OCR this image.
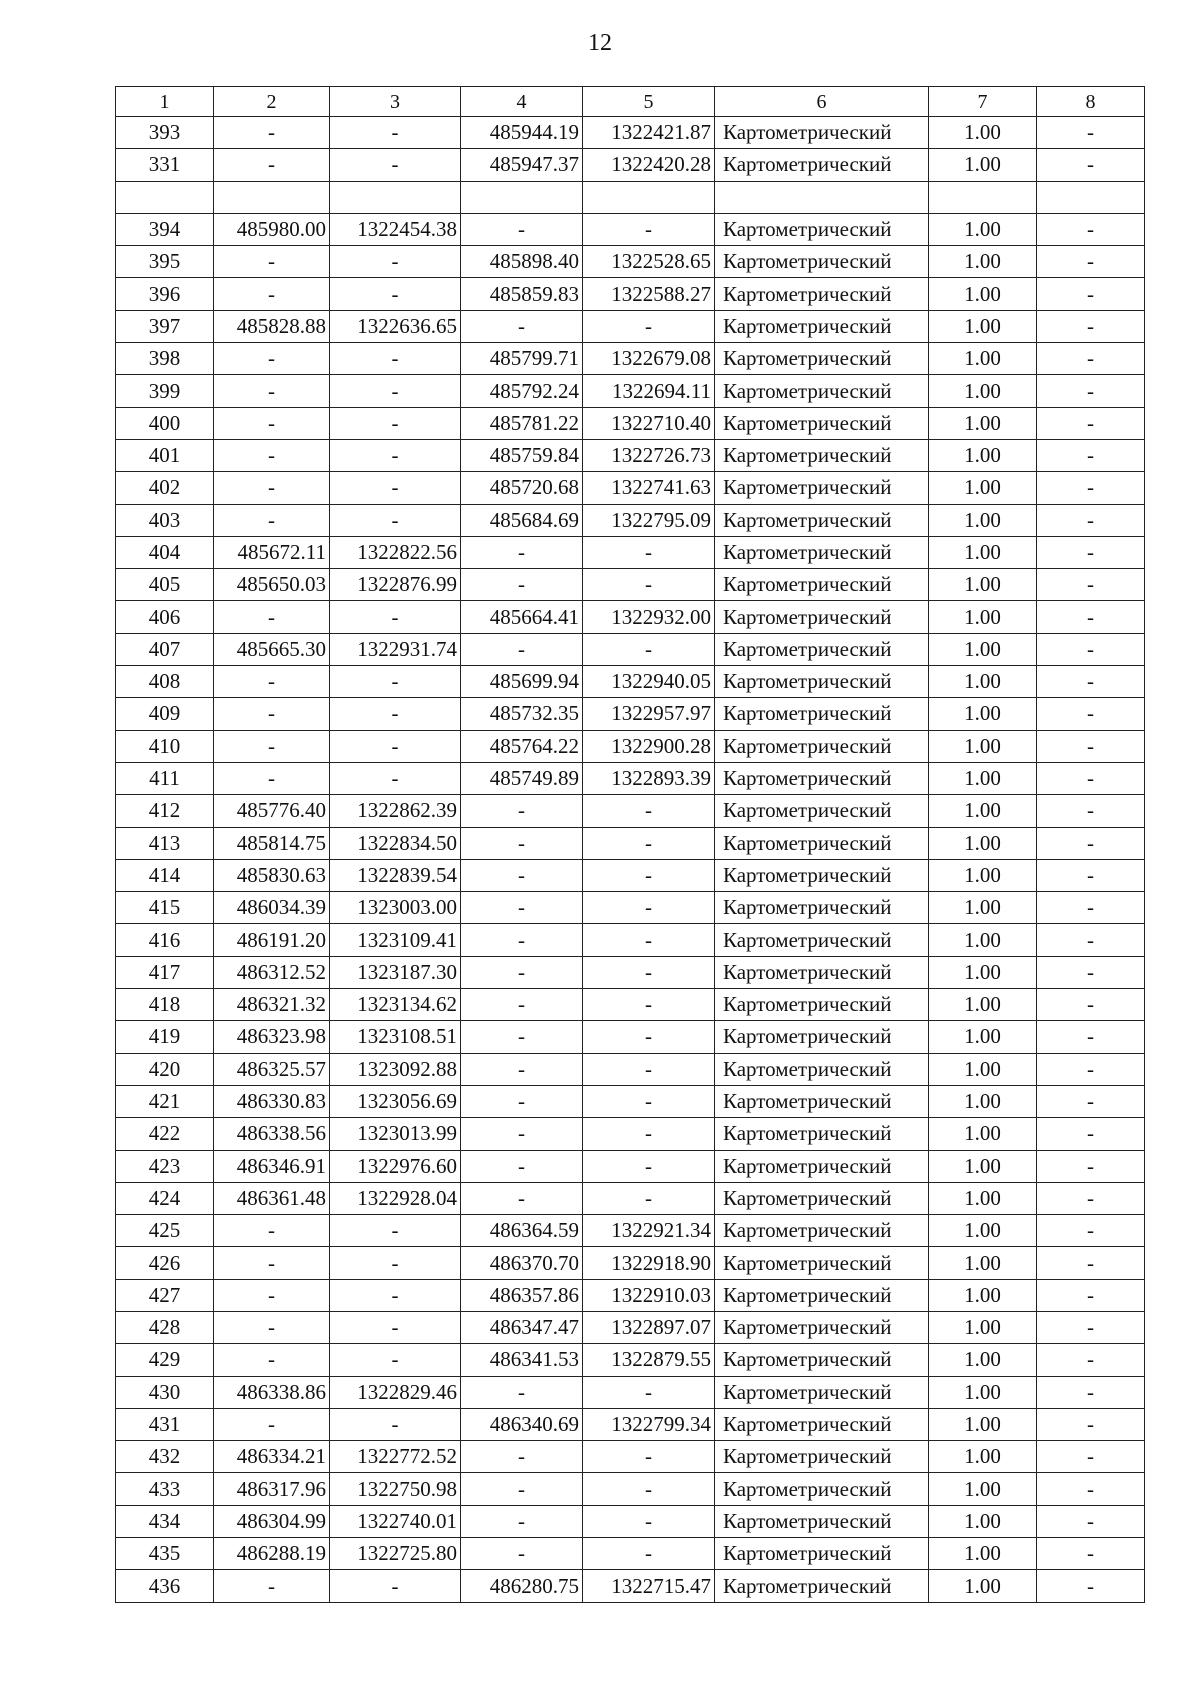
12
1	2	3	4	5	6	7	8
393	-	-	485944.19	1322421.87	Картометрический	1.00	-
331	-	-	485947.37	1322420.28	Картометрический	1.00	-

394	485980.00	1322454.38	-	-	Картометрический	1.00	-
395	-	-	485898.40	1322528.65	Картометрический	1.00	-
396	-	-	485859.83	1322588.27	Картометрический	1.00	-
397	485828.88	1322636.65	-	-	Картометрический	1.00	-
398	-	-	485799.71	1322679.08	Картометрический	1.00	-
399	-	-	485792.24	1322694.11	Картометрический	1.00	-
400	-	-	485781.22	1322710.40	Картометрический	1.00	-
401	-	-	485759.84	1322726.73	Картометрический	1.00	-
402	-	-	485720.68	1322741.63	Картометрический	1.00	-
403	-	-	485684.69	1322795.09	Картометрический	1.00	-
404	485672.11	1322822.56	-	-	Картометрический	1.00	-
405	485650.03	1322876.99	-	-	Картометрический	1.00	-
406	-	-	485664.41	1322932.00	Картометрический	1.00	-
407	485665.30	1322931.74	-	-	Картометрический	1.00	-
408	-	-	485699.94	1322940.05	Картометрический	1.00	-
409	-	-	485732.35	1322957.97	Картометрический	1.00	-
410	-	-	485764.22	1322900.28	Картометрический	1.00	-
411	-	-	485749.89	1322893.39	Картометрический	1.00	-
412	485776.40	1322862.39	-	-	Картометрический	1.00	-
413	485814.75	1322834.50	-	-	Картометрический	1.00	-
414	485830.63	1322839.54	-	-	Картометрический	1.00	-
415	486034.39	1323003.00	-	-	Картометрический	1.00	-
416	486191.20	1323109.41	-	-	Картометрический	1.00	-
417	486312.52	1323187.30	-	-	Картометрический	1.00	-
418	486321.32	1323134.62	-	-	Картометрический	1.00	-
419	486323.98	1323108.51	-	-	Картометрический	1.00	-
420	486325.57	1323092.88	-	-	Картометрический	1.00	-
421	486330.83	1323056.69	-	-	Картометрический	1.00	-
422	486338.56	1323013.99	-	-	Картометрический	1.00	-
423	486346.91	1322976.60	-	-	Картометрический	1.00	-
424	486361.48	1322928.04	-	-	Картометрический	1.00	-
425	-	-	486364.59	1322921.34	Картометрический	1.00	-
426	-	-	486370.70	1322918.90	Картометрический	1.00	-
427	-	-	486357.86	1322910.03	Картометрический	1.00	-
428	-	-	486347.47	1322897.07	Картометрический	1.00	-
429	-	-	486341.53	1322879.55	Картометрический	1.00	-
430	486338.86	1322829.46	-	-	Картометрический	1.00	-
431	-	-	486340.69	1322799.34	Картометрический	1.00	-
432	486334.21	1322772.52	-	-	Картометрический	1.00	-
433	486317.96	1322750.98	-	-	Картометрический	1.00	-
434	486304.99	1322740.01	-	-	Картометрический	1.00	-
435	486288.19	1322725.80	-	-	Картометрический	1.00	-
436	-	-	486280.75	1322715.47	Картометрический	1.00	-
